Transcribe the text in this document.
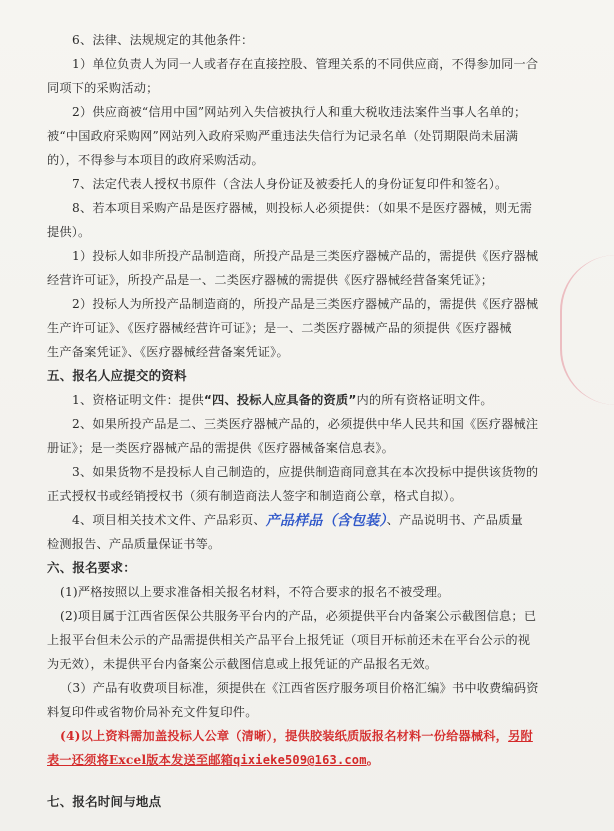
6、法律、法规规定的其他条件：
1）单位负责人为同一人或者存在直接控股、管理关系的不同供应商，不得参加同一合
同项下的采购活动；
2）供应商被“信用中国”网站列入失信被执行人和重大税收违法案件当事人名单的；
被“中国政府采购网”网站列入政府采购严重违法失信行为记录名单（处罚期限尚未届满
的），不得参与本项目的政府采购活动。
7、法定代表人授权书原件（含法人身份证及被委托人的身份证复印件和签名）。
8、若本项目采购产品是医疗器械，则投标人必须提供：（如果不是医疗器械，则无需
提供）。
1）投标人如非所投产品制造商，所投产品是三类医疗器械产品的，需提供《医疗器械
经营许可证》，所投产品是一、二类医疗器械的需提供《医疗器械经营备案凭证》；
2）投标人为所投产品制造商的，所投产品是三类医疗器械产品的，需提供《医疗器械
生产许可证》、《医疗器械经营许可证》；是一、二类医疗器械产品的须提供《医疗器械
生产备案凭证》、《医疗器械经营备案凭证》。
五、报名人应提交的资料
1、资格证明文件：提供“四、投标人应具备的资质”内的所有资格证明文件。
2、如果所投产品是二、三类医疗器械产品的，必须提供中华人民共和国《医疗器械注
册证》；是一类医疗器械产品的需提供《医疗器械备案信息表》。
3、如果货物不是投标人自己制造的，应提供制造商同意其在本次投标中提供该货物的
正式授权书或经销授权书（须有制造商法人签字和制造商公章，格式自拟）。
4、项目相关技术文件、产品彩页、产品样品（含包装）、产品说明书、产品质量
检测报告、产品质量保证书等。
六、报名要求：
(1)严格按照以上要求准备相关报名材料，不符合要求的报名不被受理。
(2)项目属于江西省医保公共服务平台内的产品，必须提供平台内备案公示截图信息；已
上报平台但未公示的产品需提供相关产品平台上报凭证（项目开标前还未在平台公示的视
为无效），未提供平台内备案公示截图信息或上报凭证的产品报名无效。
（3）产品有收费项目标准，须提供在《江西省医疗服务项目价格汇编》书中收费编码资
料复印件或省物价局补充文件复印件。
(4)以上资料需加盖投标人公章（清晰），提供胶装纸质版报名材料一份给器械科，另附
表一还须将Excel版本发送至邮箱qixieke509@163.com。
七、报名时间与地点
